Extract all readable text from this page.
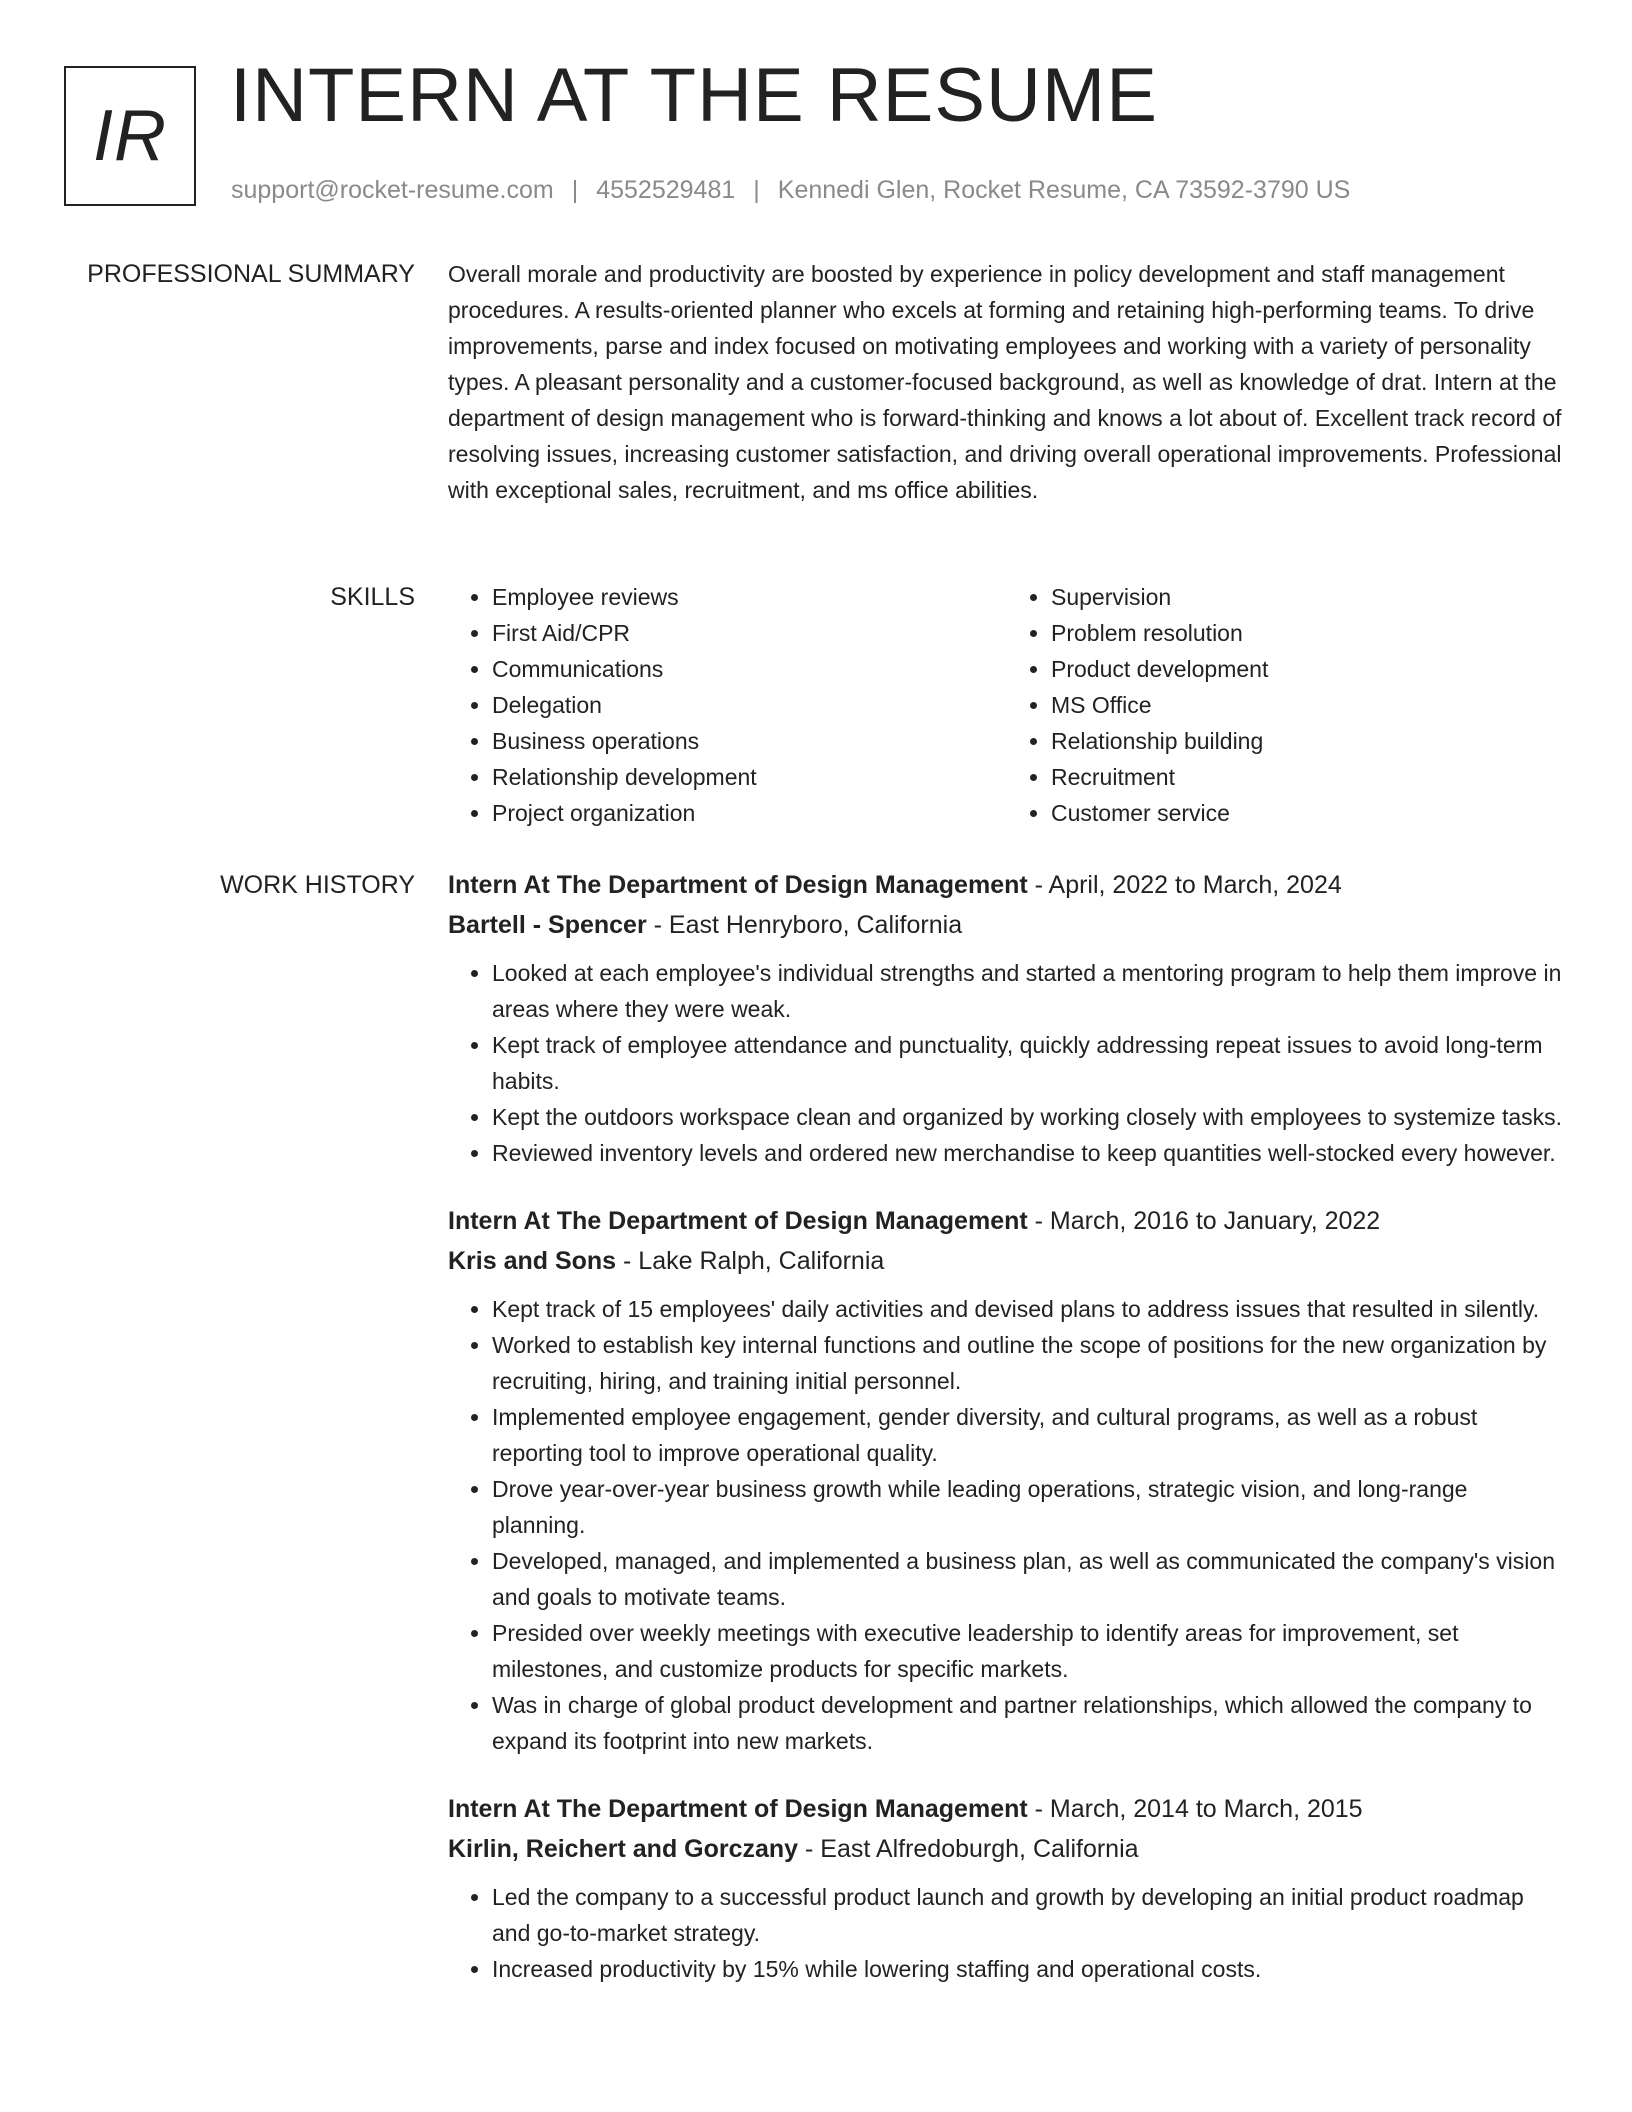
IR INTERN AT THE RESUME
support@rocket-resume.com | 4552529481 | Kennedi Glen, Rocket Resume, CA 73592-3790 US
PROFESSIONAL SUMMARY Overall morale and productivity are boosted by experience in policy development and staff management procedures. A results-oriented planner who excels at forming and retaining high-performing teams. To drive improvements, parse and index focused on motivating employees and working with a variety of personality types. A pleasant personality and a customer-focused background, as well as knowledge of drat. Intern at the department of design management who is forward-thinking and knows a lot about of. Excellent track record of resolving issues, increasing customer satisfaction, and driving overall operational improvements. Professional with exceptional sales, recruitment, and ms office abilities.

SKILLS
•	Employee reviews
• First Aid/CPR
• Communications
• Delegation
• Business operations
• Relationship development
• Project organization
• Supervision
• Problem resolution
• Product development
• MS Office
• Relationship building
• Recruitment
• Customer service
WORK HISTORY Intern At The Department of Design Management - April, 2022 to March, 2024
Bartell - Spencer - East Henryboro, California
• Looked at each employee's individual strengths and started a mentoring program to help them improve in areas where they were weak.
• Kept track of employee attendance and punctuality, quickly addressing repeat issues to avoid long-term habits.
• Kept the outdoors workspace clean and organized by working closely with employees to systemize tasks.
• Reviewed inventory levels and ordered new merchandise to keep quantities well-stocked every however.
Intern At The Department of Design Management - March, 2016 to January, 2022
Kris and Sons - Lake Ralph, California
• Kept track of 15 employees' daily activities and devised plans to address issues that resulted in silently.
• Worked to establish key internal functions and outline the scope of positions for the new organization by recruiting, hiring, and training initial personnel.
• Implemented employee engagement, gender diversity, and cultural programs, as well as a robust reporting tool to improve operational quality.
• Drove year-over-year business growth while leading operations, strategic vision, and long-range planning.
• Developed, managed, and implemented a business plan, as well as communicated the company's vision and goals to motivate teams.
• Presided over weekly meetings with executive leadership to identify areas for improvement, set milestones, and customize products for specific markets.
• Was in charge of global product development and partner relationships, which allowed the company to expand its footprint into new markets.
Intern At The Department of Design Management - March, 2014 to March, 2015
Kirlin, Reichert and Gorczany - East Alfredoburgh, California
• Led the company to a successful product launch and growth by developing an initial product roadmap and go-to-market strategy.
• Increased productivity by 15% while lowering staffing and operational costs.
